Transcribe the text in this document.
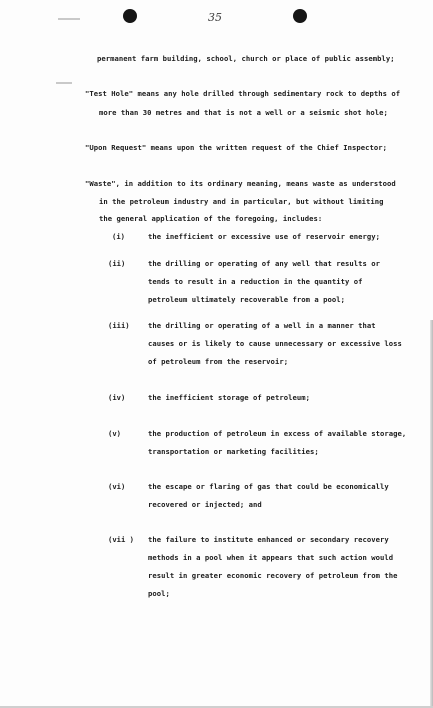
35
permanent farm building, school, church or place of public assembly;
"Test Hole" means any hole drilled through sedimentary rock to depths of
more than 30 metres and that is not a well or a seismic shot hole;
"Upon Request" means upon the written request of the Chief Inspector;
"Waste", in addition to its ordinary meaning, means waste as understood
in the petroleum industry and in particular, but without limiting
the general application of the foregoing, includes:
(i)	the inefficient or excessive use of reservoir energy;
(ii)	the drilling or operating of any well that results or
tends to result in a reduction in the quantity of
petroleum ultimately recoverable from a pool;
(iii)	the drilling or operating of a well in a manner that
causes or is likely to cause unnecessary or excessive loss
of petroleum from the reservoir;
(iv)	the inefficient storage of petroleum;
(v)	the production of petroleum in excess of available storage,
transportation or marketing facilities;
(vi)	the escape or flaring of gas that could be economically
recovered or injected; and
(vii ) the failure to institute enhanced or secondary recovery
methods in a pool when it appears that such action would
result in greater economic recovery of petroleum from the
pool;
